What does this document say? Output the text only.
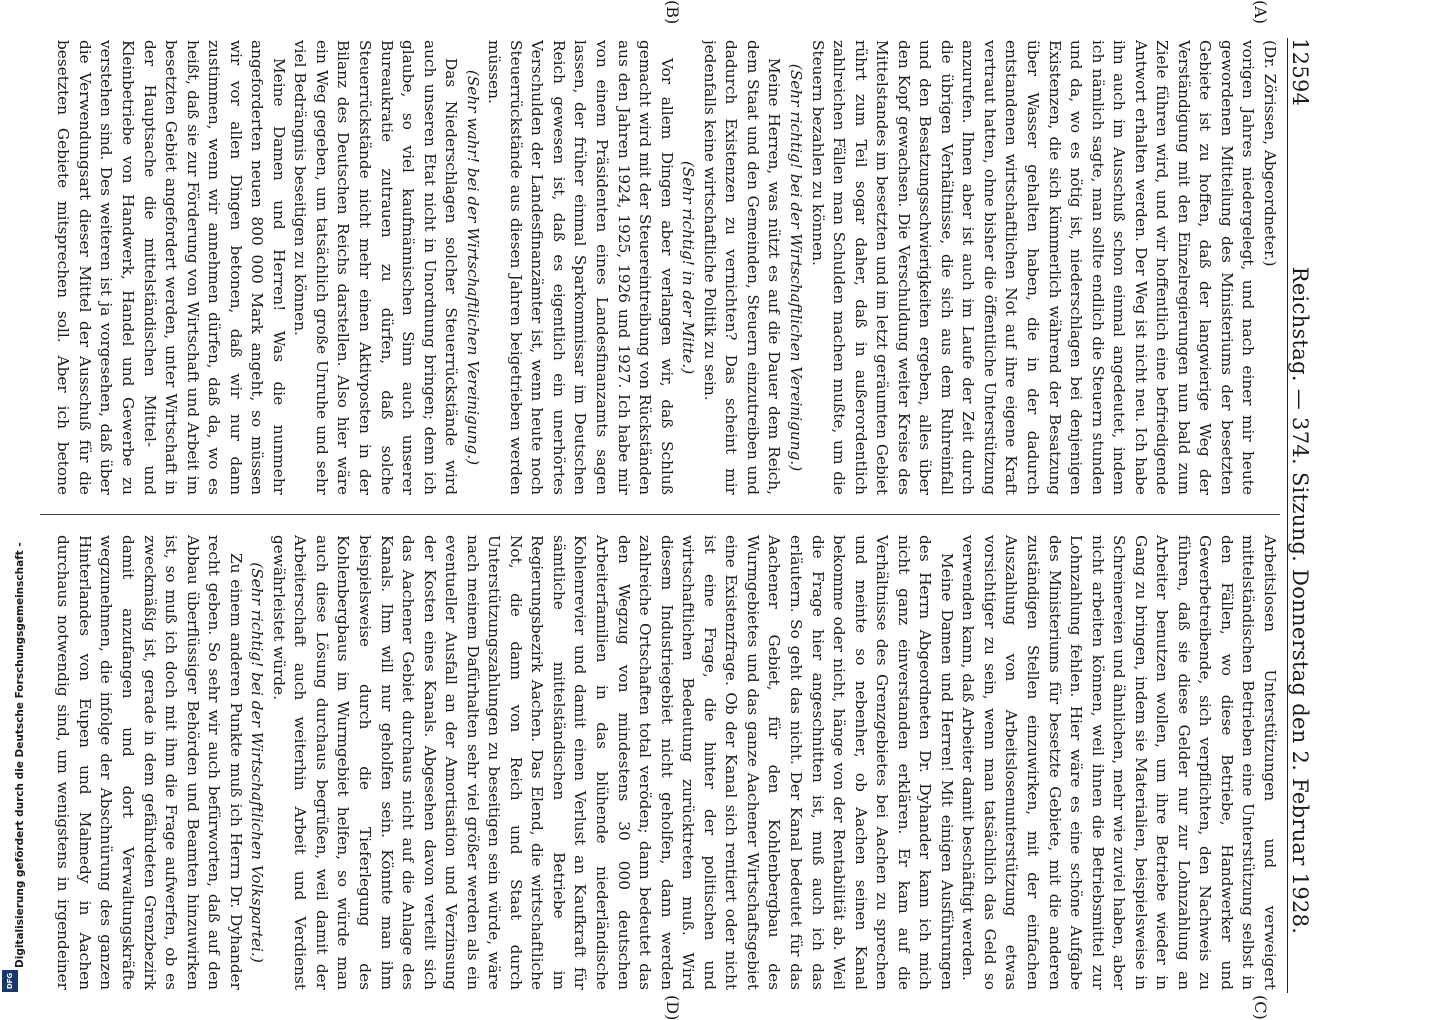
12594
Reichstag. — 374. Sitzung. Donnerstag den 2. Februar 1928.
(A)
(B)
(C)
(D)

(Dr. Zörissen, Abgeordneter.)

vorigen Jahres niedergelegt, und nach einer mir heute gewordenen Mitteilung des Ministeriums der besetzten Gebiete ist zu hoffen, daß der langwierige Weg der Verständigung mit den Einzelregierungen nun bald zum Ziele führen wird, und wir hoffentlich eine befriedigende Antwort erhalten werden. Der Weg ist nicht neu. Ich habe ihn auch im Ausschuß schon einmal angedeutet, indem ich nämlich sagte, man sollte endlich die Steuern stunden und da, wo es nötig ist, niederschlagen bei denjenigen Existenzen, die sich kümmerlich während der Besatzung über Wasser gehalten haben, die in der dadurch entstandenen wirtschaftlichen Not auf ihre eigene Kraft vertraut hatten, ohne bisher die öffentliche Unterstützung anzurufen. Ihnen aber ist auch im Laufe der Zeit durch die übrigen Verhältnisse, die sich aus dem Ruhreinfall und den Besatzungsschwierigkeiten ergeben, alles über den Kopf gewachsen. Die Verschuldung weiter Kreise des Mittelstandes im besetzten und im letzt geräumten Gebiet rührt zum Teil sogar daher, daß in außerordentlich zahlreichen Fällen man Schulden machen mußte, um die Steuern bezahlen zu können.

(Sehr richtig! bei der Wirtschaftlichen Vereinigung.)

Meine Herren, was nützt es auf die Dauer dem Reich, dem Staat und den Gemeinden, Steuern einzutreiben und dadurch Existenzen zu vernichten? Das scheint mir jedenfalls keine wirtschaftliche Politik zu sein.

(Sehr richtig! in der Mitte.)

Vor allem Dingen aber verlangen wir, daß Schluß gemacht wird mit der Steuereintreibung von Rückständen aus den Jahren 1924, 1925, 1926 und 1927. Ich habe mir von einem Präsidenten eines Landesfinanzamts sagen lassen, der früher einmal Sparkommissar im Deutschen Reich gewesen ist, daß es eigentlich ein unerhörtes Verschulden der Landesfinanzämter ist, wenn heute noch Steuerrückstände aus diesen Jahren beigetrieben werden müssen.

(Sehr wahr! bei der Wirtschaftlichen Vereinigung.)

Das Niederschlagen solcher Steuerrückstände wird auch unseren Etat nicht in Unordnung bringen; denn ich glaube, so viel kaufmännischen Sinn auch unserer Bureaukratie zutrauen zu dürfen, daß solche Steuerrückstände nicht mehr einen Aktivposten in der Bilanz des Deutschen Reichs darstellen. Also hier wäre ein Weg gegeben, um tatsächlich große Unruhe und sehr viel Bedrängnis beseitigen zu können.

Meine Damen und Herren! Was die nunmehr angeforderten neuen 800 000 Mark angeht, so müssen wir vor allen Dingen betonen, daß wir nur dann zustimmen, wenn wir annehmen dürfen, daß da, wo es heißt, daß sie zur Förderung von Wirtschaft und Arbeit im besetzten Gebiet angefordert werden, unter Wirtschaft in der Hauptsache die mittelständischen Mittel- und Kleinbetriebe von Handwerk, Handel und Gewerbe zu verstehen sind. Des weiteren ist ja vorgesehen, daß über die Verwendungsart dieser Mittel der Ausschuß für die besetzten Gebiete mitsprechen soll. Aber ich betone

Arbeitslosen Unterstützungen und verweigert mittelständischen Betrieben eine Unterstützung selbst in den Fällen, wo diese Betriebe, Handwerker und Gewerbetreibende, sich verpflichten, den Nachweis zu führen, daß sie diese Gelder nur zur Lohnzahlung an Arbeiter benutzen wollen, um ihre Betriebe wieder in Gang zu bringen, indem sie Materialien, beispielsweise in Schreinereien und ähnlichen, mehr wie zuviel haben, aber nicht arbeiten können, weil ihnen die Betriebsmittel zur Lohnzahlung fehlen. Hier wäre es eine schöne Aufgabe des Ministeriums für besetzte Gebiete, mit die anderen zuständigen Stellen einzuwirken, mit der einfachen Auszahlung von Arbeitslosenunterstützung etwas vorsichtiger zu sein, wenn man tatsächlich das Geld so verwenden kann, daß Arbeiter damit beschäftigt werden.

Meine Damen und Herren! Mit einigen Ausführungen des Herrn Abgeordneten Dr. Dyhander kann ich mich nicht ganz einverstanden erklären. Er kam auf die Verhältnisse des Grenzgebietes bei Aachen zu sprechen und meinte so nebenher, ob Aachen seinen Kanal bekomme oder nicht, hänge von der Rentabilität ab. Weil die Frage hier angeschnitten ist, muß auch ich das erläutern. So geht das nicht. Der Kanal bedeutet für das Aachener Gebiet, für den Kohlenbergbau des Wurmgebietes und das ganze Aachener Wirtschaftsgebiet eine Existenzfrage. Ob der Kanal sich rentiert oder nicht ist eine Frage, die hinter der politischen und wirtschaftlichen Bedeutung zurücktreten muß. Wird diesem Industriegebiet nicht geholfen, dann werden zahlreiche Ortschaften total veröden; dann bedeutet das den Wegzug von mindestens 30 000 deutschen Arbeiterfamilien in das blühende niederländische Kohlenrevier und damit einen Verlust an Kaufkraft für sämtliche mittelständischen Betriebe im Regierungsbezirk Aachen. Das Elend, die wirtschaftliche Not, die dann von Reich und Staat durch Unterstützungszahlungen zu beseitigen sein würde, wäre nach meinem Dafürhalten sehr viel größer werden als ein eventueller Ausfall an der Amortisation und Verzinsung der Kosten eines Kanals. Abgesehen davon verteilt sich das Aachener Gebiet durchaus nicht auf die Anlage des Kanals. Ihm will nur geholfen sein. Könnte man ihm beispielsweise durch die Tieferlegung des Kohlenbergbaus im Wurmgebiet helfen, so würde man auch diese Lösung durchaus begrüßen, weil damit der Arbeiterschaft auch weiterhin Arbeit und Verdienst gewährleistet würde.

(Sehr richtig! bei der Wirtschaftlichen Volkspartei.)

Zu einem anderen Punkte muß ich Herrn Dr. Dyhander recht geben. So sehr wir auch befürworten, daß auf den Abbau überflüssiger Behörden und Beamten hinzuwirken ist, so muß ich doch mit ihm die Frage aufwerfen, ob es zweckmäßig ist, gerade in dem gefährdeten Grenzbezirk damit anzufangen und dort Verwaltungskräfte wegzunehmen, die infolge der Abschnürung des ganzen Hinterlandes von Eupen und Malmedy in Aachen durchaus notwendig sind, um wenigstens in irgendeiner

Digitalisierung gefördert durch die Deutsche Forschungsgemeinschaft -
DFG
